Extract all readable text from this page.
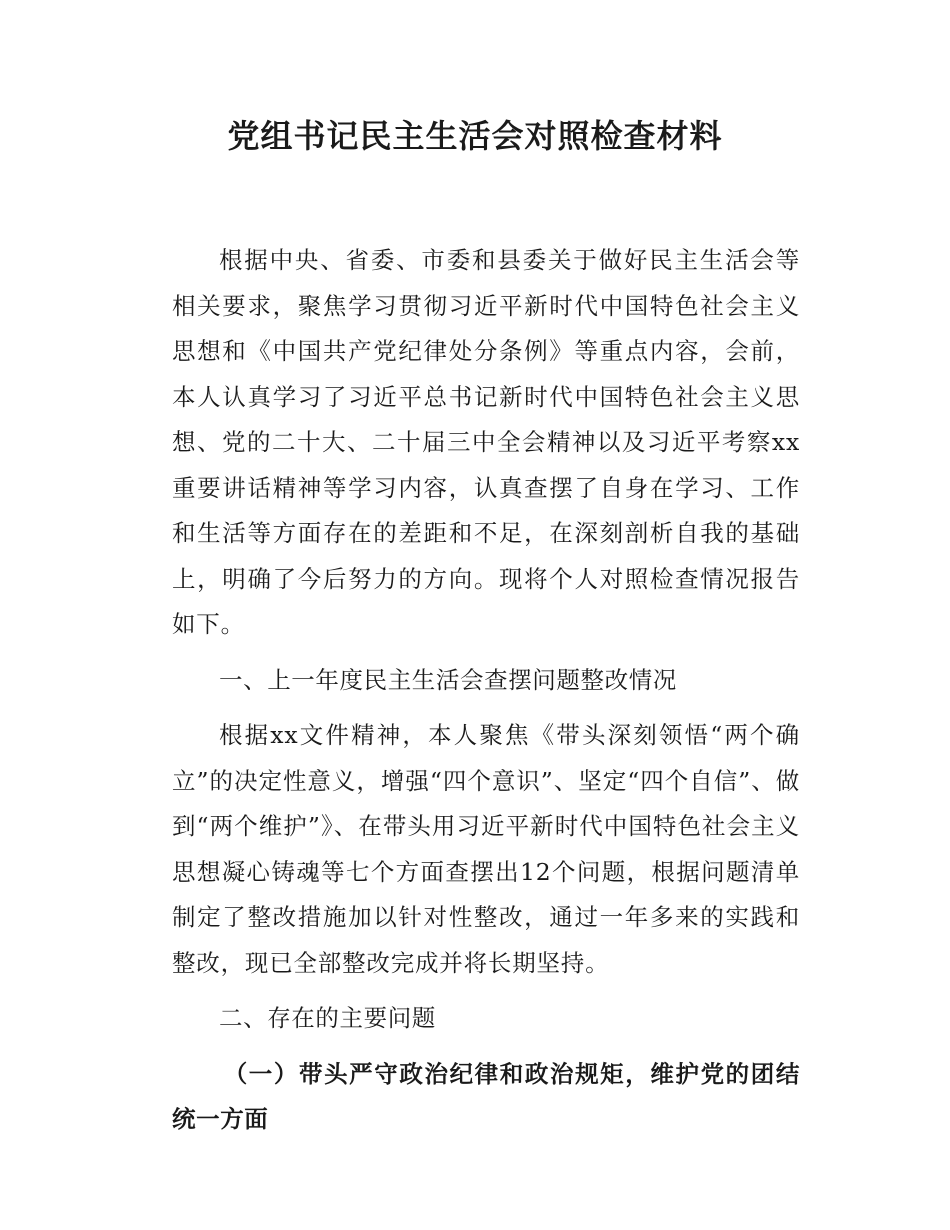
党组书记民主生活会对照检查材料

根据中央、省委、市委和县委关于做好民主生活会等相关要求，聚焦学习贯彻习近平新时代中国特色社会主义思想和《中国共产党纪律处分条例》等重点内容，会前，本人认真学习了习近平总书记新时代中国特色社会主义思想、党的二十大、二十届三中全会精神以及习近平考察xx重要讲话精神等学习内容，认真查摆了自身在学习、工作和生活等方面存在的差距和不足，在深刻剖析自我的基础上，明确了今后努力的方向。现将个人对照检查情况报告如下。

一、上一年度民主生活会查摆问题整改情况

根据xx文件精神，本人聚焦《带头深刻领悟“两个确立”的决定性意义，增强“四个意识”、坚定“四个自信”、做到“两个维护”》、在带头用习近平新时代中国特色社会主义思想凝心铸魂等七个方面查摆出12个问题，根据问题清单制定了整改措施加以针对性整改，通过一年多来的实践和整改，现已全部整改完成并将长期坚持。

二、存在的主要问题

（一）带头严守政治纪律和政治规矩，维护党的团结统一方面
